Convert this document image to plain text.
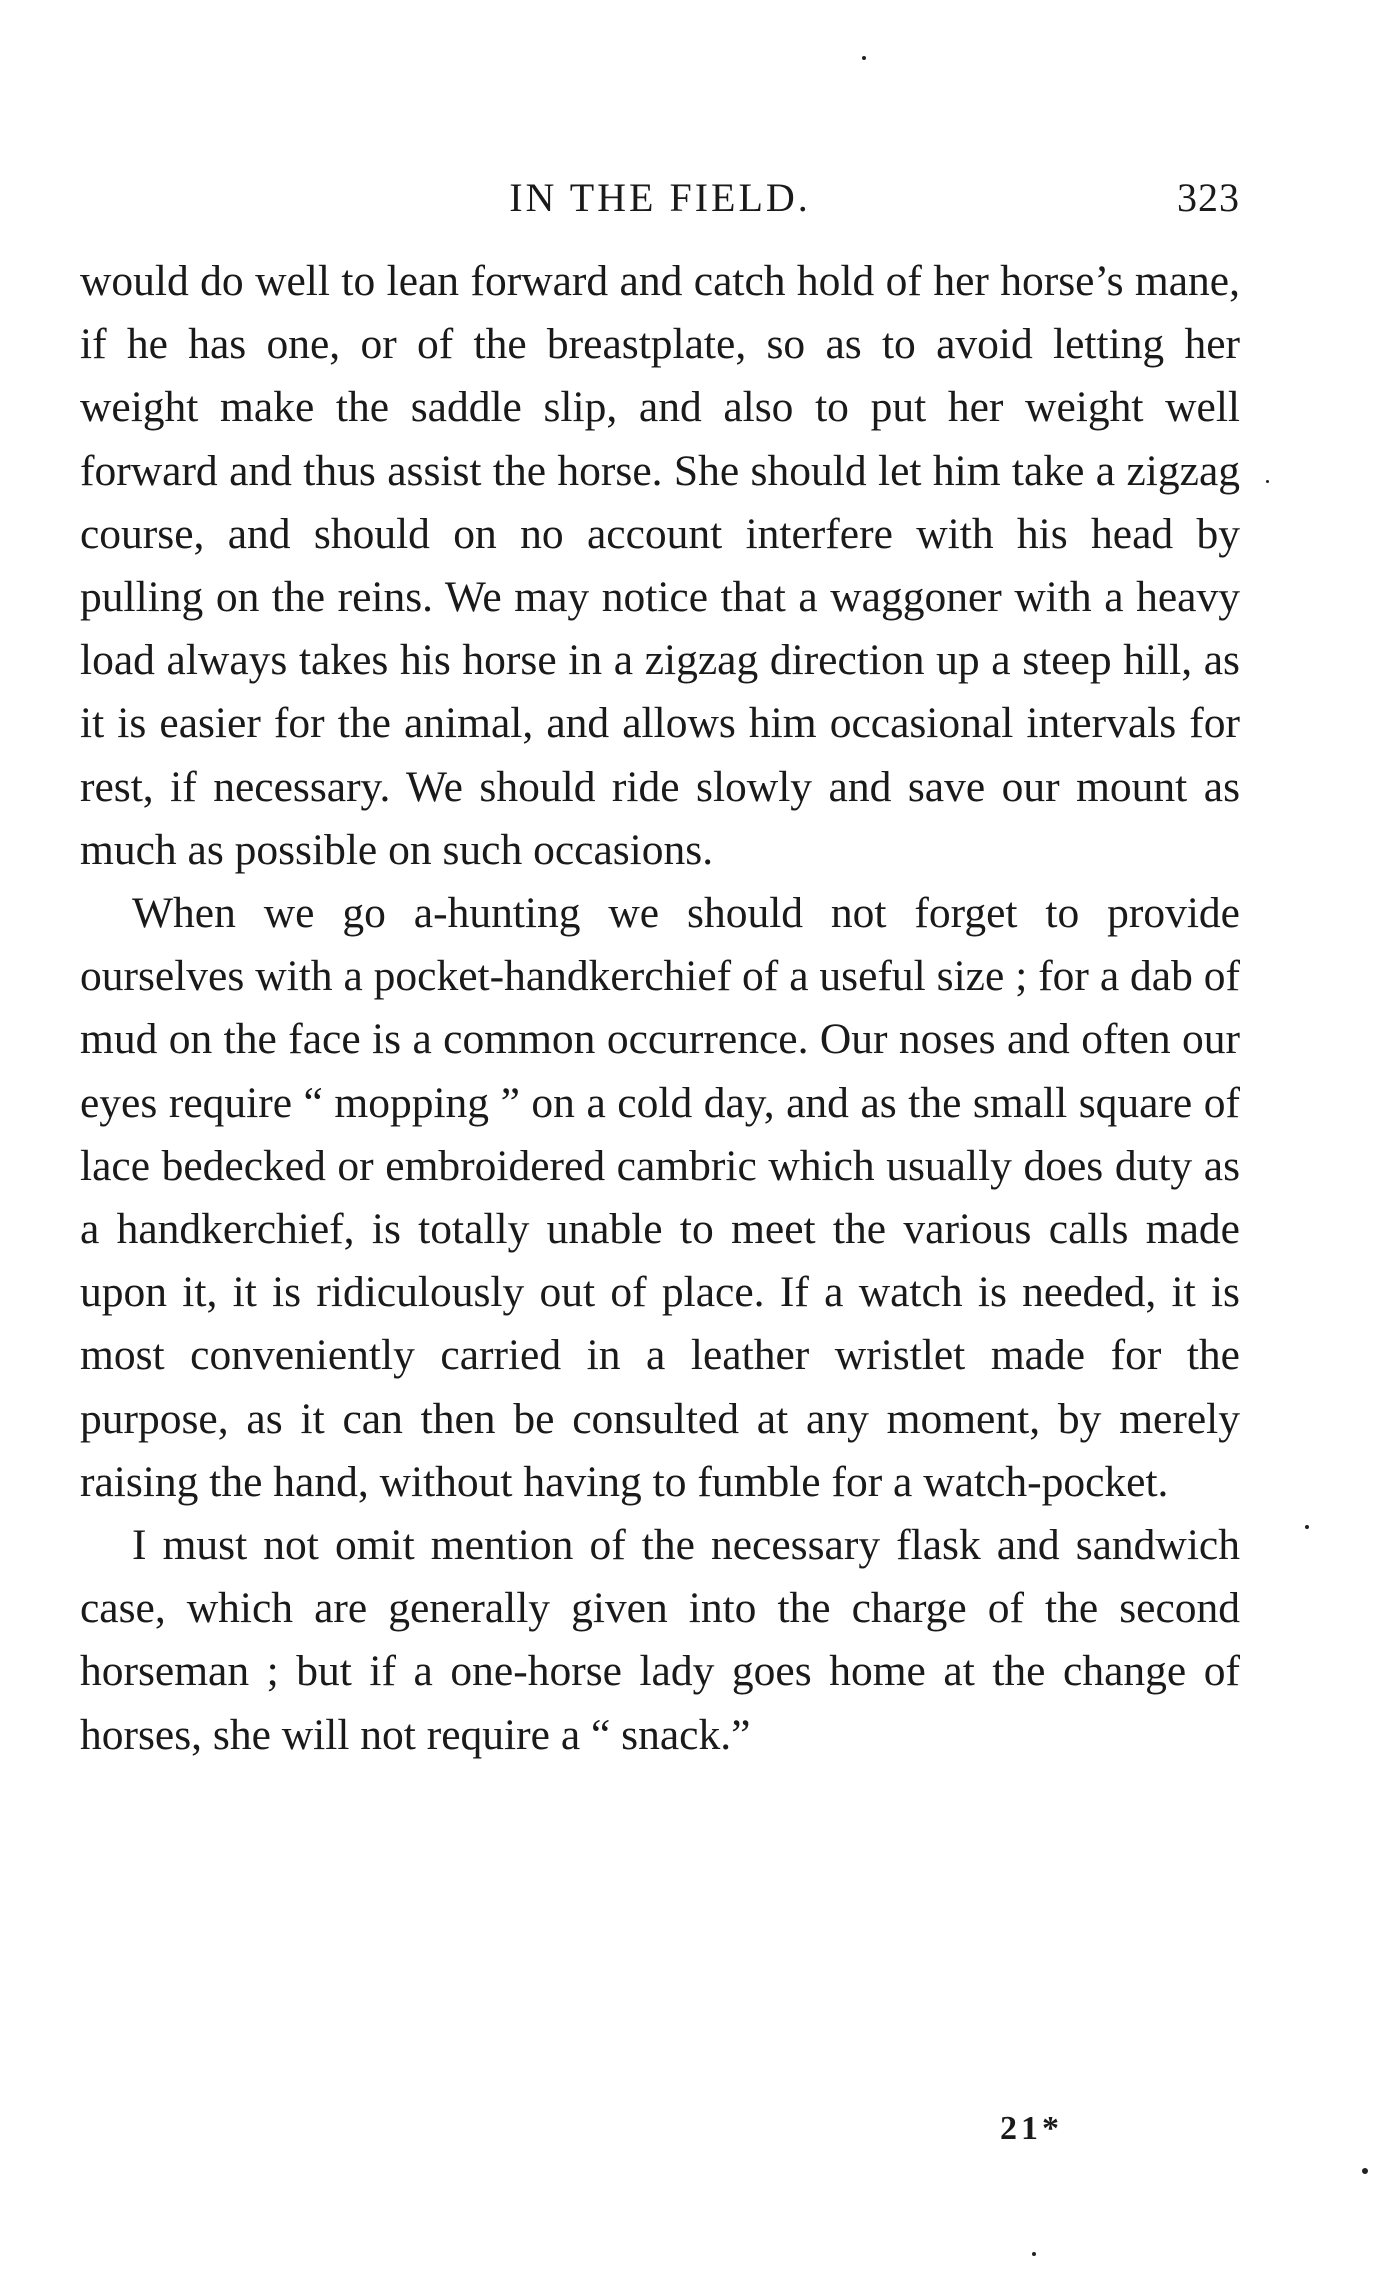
IN THE FIELD.	323

would do well to lean forward and catch hold of her horse’s mane, if he has one, or of the breastplate, so as to avoid letting her weight make the saddle slip, and also to put her weight well forward and thus assist the horse. She should let him take a zigzag course, and should on no account interfere with his head by pulling on the reins. We may notice that a waggoner with a heavy load always takes his horse in a zigzag direction up a steep hill, as it is easier for the animal, and allows him occasional intervals for rest, if necessary. We should ride slowly and save our mount as much as possible on such occasions.

When we go a-hunting we should not forget to provide ourselves with a pocket-handkerchief of a useful size ; for a dab of mud on the face is a common occurrence. Our noses and often our eyes require “ mopping ” on a cold day, and as the small square of lace bedecked or embroidered cambric which usually does duty as a handkerchief, is totally unable to meet the various calls made upon it, it is ridiculously out of place. If a watch is needed, it is most conveniently carried in a leather wristlet made for the purpose, as it can then be consulted at any moment, by merely raising the hand, without having to fumble for a watch-pocket.

I must not omit mention of the necessary flask and sandwich case, which are generally given into the charge of the second horseman ; but if a one-horse lady goes home at the change of horses, she will not require a “ snack.”

21*
